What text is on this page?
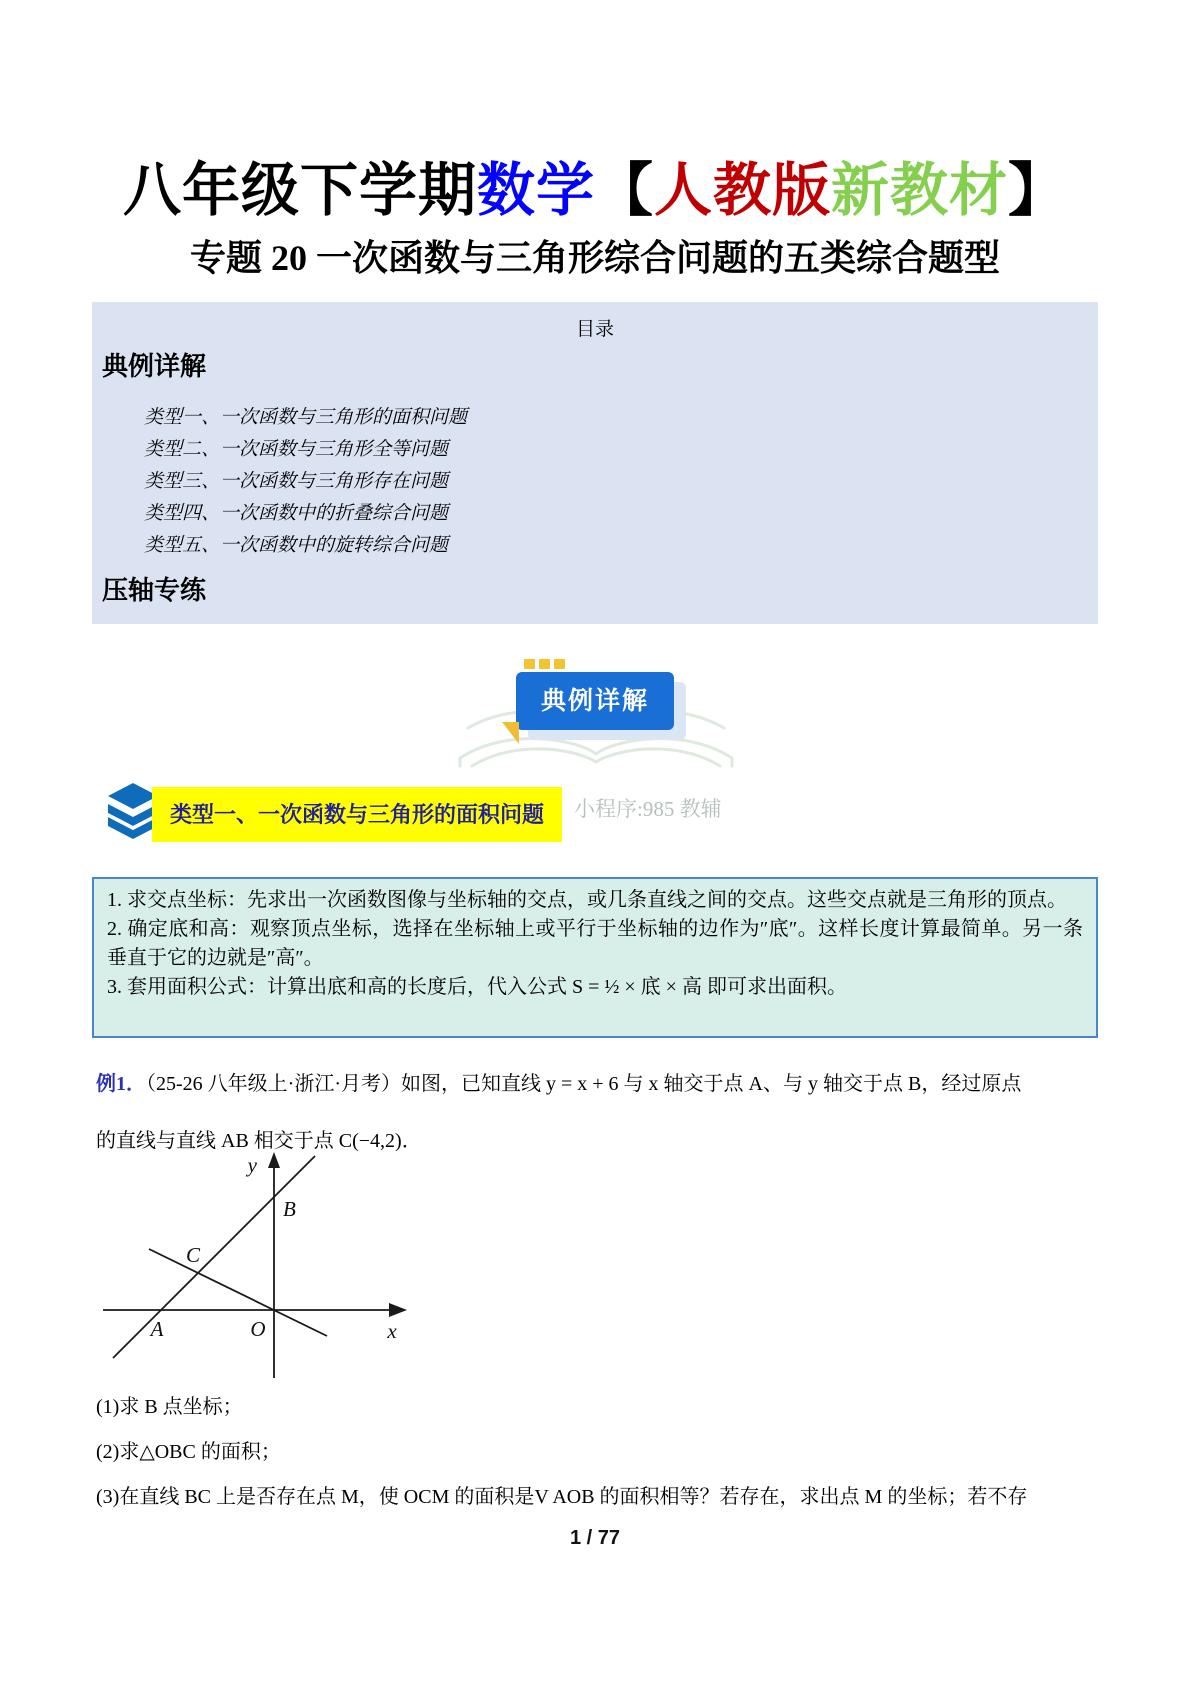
八年级下学期数学【人教版新教材】
专题 20 一次函数与三角形综合问题的五类综合题型
目录
典例详解
类型一、一次函数与三角形的面积问题
类型二、一次函数与三角形全等问题
类型三、一次函数与三角形存在问题
类型四、一次函数中的折叠综合问题
类型五、一次函数中的旋转综合问题
压轴专练
典例详解
小程序:985 教辅
类型一、一次函数与三角形的面积问题

1. 求交点坐标：先求出一次函数图像与坐标轴的交点，或几条直线之间的交点。这些交点就是三角形的顶点。

2. 确定底和高：观察顶点坐标，选择在坐标轴上或平行于坐标轴的边作为″底″。这样长度计算最简单。另一条垂直于它的边就是″高″。

3. 套用面积公式：计算出底和高的长度后，代入公式 S = ½ × 底 × 高 即可求出面积。

例1．（25-26 八年级上·浙江·月考）如图，已知直线 y = x + 6 与 x 轴交于点 A、与 y 轴交于点 B，经过原点

的直线与直线 AB 相交于点 C(−4,2)．

y
x
B
C
A	O
(1)求 B 点坐标；
(2)求△OBC 的面积；
(3)在直线 BC 上是否存在点 M，使 OCM 的面积是V AOB 的面积相等？若存在，求出点 M 的坐标；若不存
1 / 77
